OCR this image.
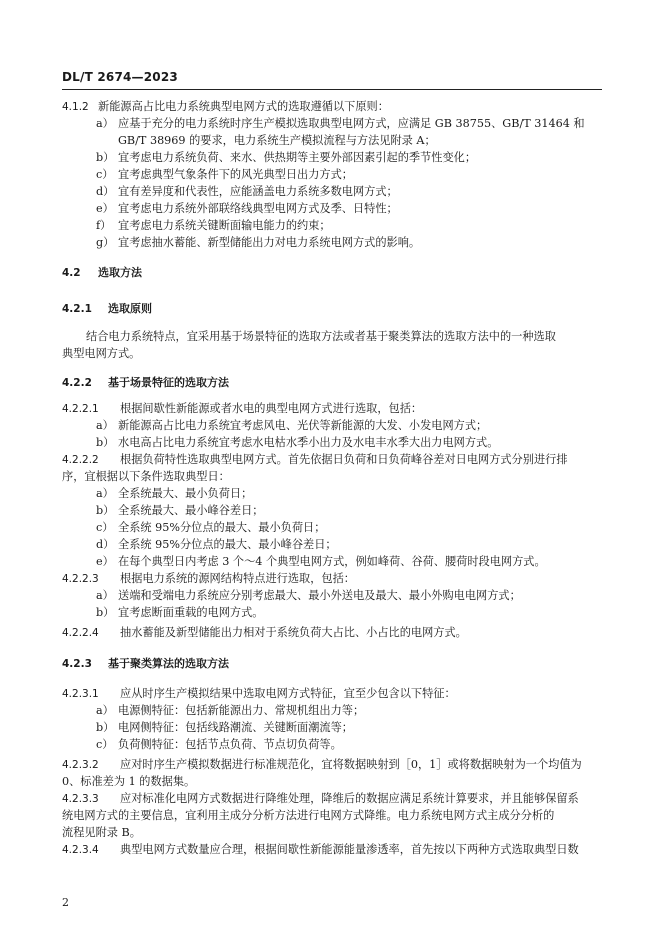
DL/T 2674—2023
4.1.2 新能源高占比电力系统典型电网方式的选取遵循以下原则：
a） 应基于充分的电力系统时序生产模拟选取典型电网方式，应满足 GB 38755、GB/T 31464 和
GB/T 38969 的要求，电力系统生产模拟流程与方法见附录 A；
b） 宜考虑电力系统负荷、来水、供热期等主要外部因素引起的季节性变化；
c） 宜考虑典型气象条件下的风光典型日出力方式；
d） 宜有差异度和代表性，应能涵盖电力系统多数电网方式；
e） 宜考虑电力系统外部联络线典型电网方式及季、日特性；
f） 宜考虑电力系统关键断面输电能力的约束；
g） 宜考虑抽水蓄能、新型储能出力对电力系统电网方式的影响。
4.2 选取方法
4.2.1 选取原则
结合电力系统特点，宜采用基于场景特征的选取方法或者基于聚类算法的选取方法中的一种选取
典型电网方式。
4.2.2 基于场景特征的选取方法
4.2.2.1 根据间歇性新能源或者水电的典型电网方式进行选取，包括：
a） 新能源高占比电力系统宜考虑风电、光伏等新能源的大发、小发电网方式；
b） 水电高占比电力系统宜考虑水电枯水季小出力及水电丰水季大出力电网方式。
4.2.2.2 根据负荷特性选取典型电网方式。首先依据日负荷和日负荷峰谷差对日电网方式分别进行排
序，宜根据以下条件选取典型日：
a） 全系统最大、最小负荷日；
b） 全系统最大、最小峰谷差日；
c） 全系统 95%分位点的最大、最小负荷日；
d） 全系统 95%分位点的最大、最小峰谷差日；
e） 在每个典型日内考虑 3 个～4 个典型电网方式，例如峰荷、谷荷、腰荷时段电网方式。
4.2.2.3 根据电力系统的源网结构特点进行选取，包括：
a） 送端和受端电力系统应分别考虑最大、最小外送电及最大、最小外购电电网方式；
b） 宜考虑断面重载的电网方式。
4.2.2.4 抽水蓄能及新型储能出力相对于系统负荷大占比、小占比的电网方式。
4.2.3 基于聚类算法的选取方法
4.2.3.1 应从时序生产模拟结果中选取电网方式特征，宜至少包含以下特征：
a） 电源侧特征：包括新能源出力、常规机组出力等；
b） 电网侧特征：包括线路潮流、关键断面潮流等；
c） 负荷侧特征：包括节点负荷、节点切负荷等。
4.2.3.2 应对时序生产模拟数据进行标准规范化，宜将数据映射到［0，1］或将数据映射为一个均值为
0、标准差为 1 的数据集。
4.2.3.3 应对标准化电网方式数据进行降维处理，降维后的数据应满足系统计算要求，并且能够保留系
统电网方式的主要信息，宜利用主成分分析方法进行电网方式降维。电力系统电网方式主成分分析的
流程见附录 B。
4.2.3.4 典型电网方式数量应合理，根据间歇性新能源能量渗透率，首先按以下两种方式选取典型日数
2
